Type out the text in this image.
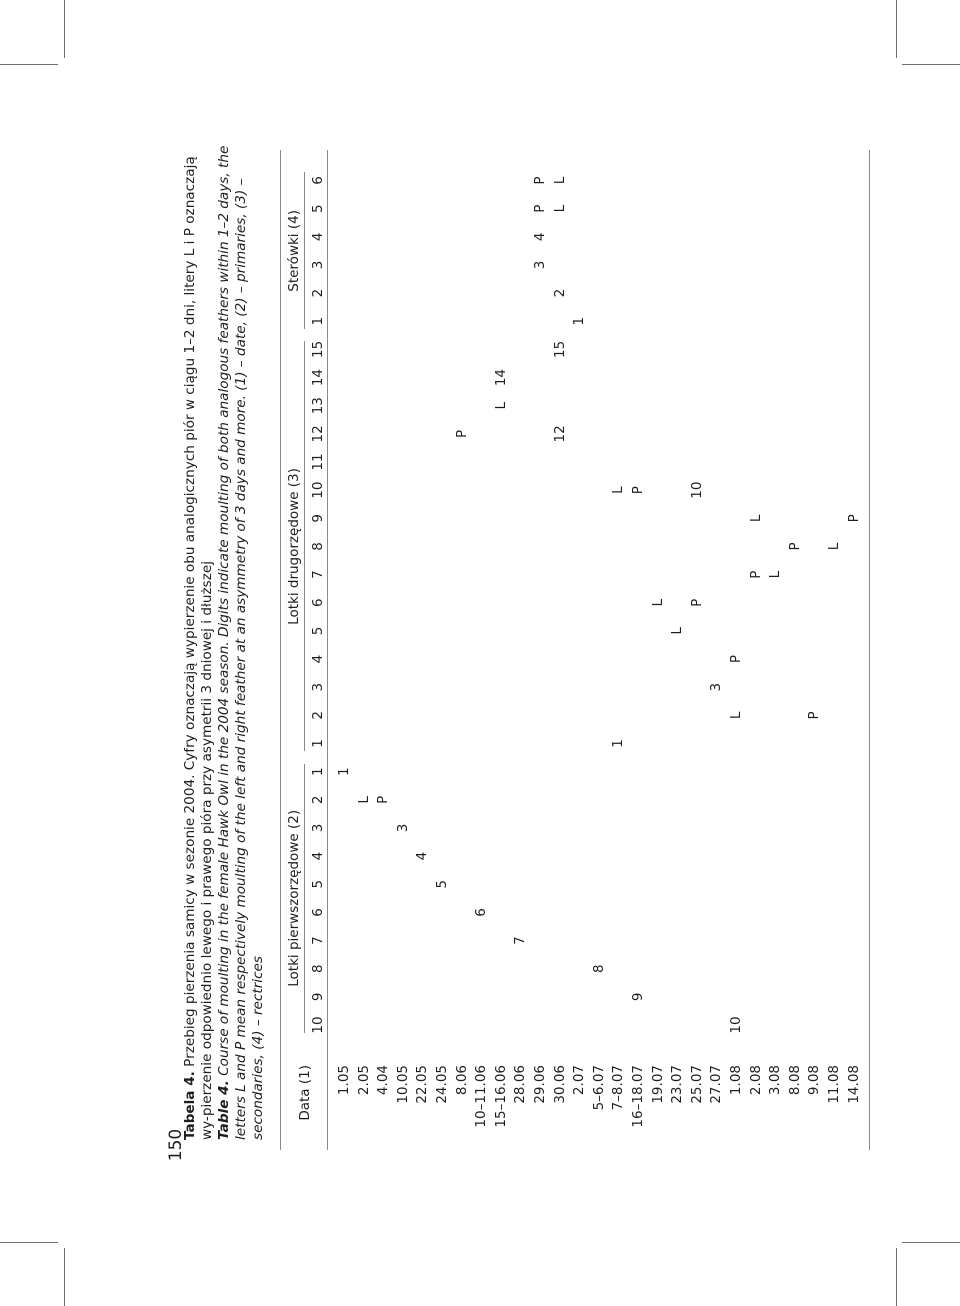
150

Tabela 4. Przebieg pierzenia samicy w sezonie 2004. Cyfry oznaczają wypierzenie obu analogicznych piór w ciągu 1–2 dni, litery L i P oznaczają wy-pierzenie odpowiednio lewego i prawego pióra przy asymetrii 3 dniowej i dłuższej Table 4. Course of moulting in the female Hawk Owl in the 2004 season. Digits indicate moulting of both analogous feathers within 1–2 days, the letters L and P mean respectively moulting of the left and right feather at an asymmetry of 3 days and more. (1) – date, (2) – primaries, (3) – secondaries, (4) – rectrices Data (1)
Lotki pierwszorzędowe (2)
10
9
8
7
6
5
4
3
2
1
Lotki drugorzędowe (3)
1
2
3
4
5
6
7
8
9
10
11
12
13
14
15
Sterówki (4)
1
2
3
4
5
6
1.05
1
2.05
L
4.04
P
10.05
3
22.05
4
24.05
5
8.06
P
10–11.06
6
15–16.06
L
14
28.06
7
29.06
3
4
P
P
30.06
12
15
2
L
L
2.07
1
5–6.07
8
7–8.07
1
L
16–18.07
9
P
19.07
L
23.07
L
25.07
P
10
27.07
3
1.08
10
L
P
2.08
P
L
3.08
L
8.08
P
9.08
P
11.08
L
14.08
P
